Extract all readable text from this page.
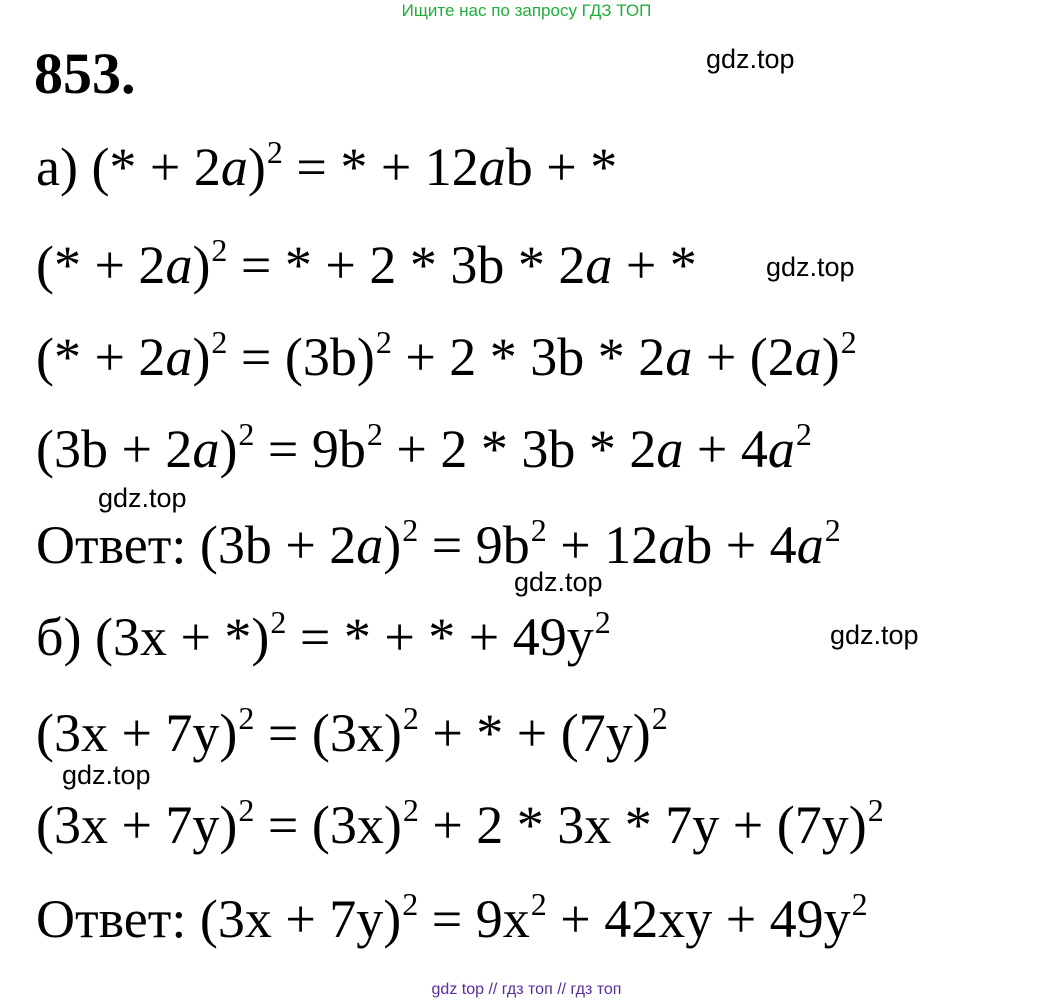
Ищите нас по запросу ГДЗ ТОП
853.	gdz.top
gdz.top
gdz.top
gdz.top
gdz.top
gdz.top
а) (* + 2a)$^2$ = * + 12ab + *
(* + 2a)$^2$ = * + 2 * 3b * 2a + *
(* + $2a)^2 = (3b)^2 + 2 * 3b * 2a + (2a)^2$
$(3b + 2a)^2 = 9b^2 + 2 * 3b * 2a + 4a^2$
Ответ: $(3b + 2a)^2 = 9b^2 + 12ab + 4a^2$
б) $(3x + *)^2$ = * + * + $49y^2$
$(3x + 7y)^2 = (3x)^2$ + * + $(7y)^2$
$(3x + 7y)^2 = (3x)^2 + 2 * 3x * 7y + (7y)^2$
Ответ: $(3x + 7y)^2 = 9x^2 + 42xy + 49y^2$
gdz top // гдз топ // гдз топ
